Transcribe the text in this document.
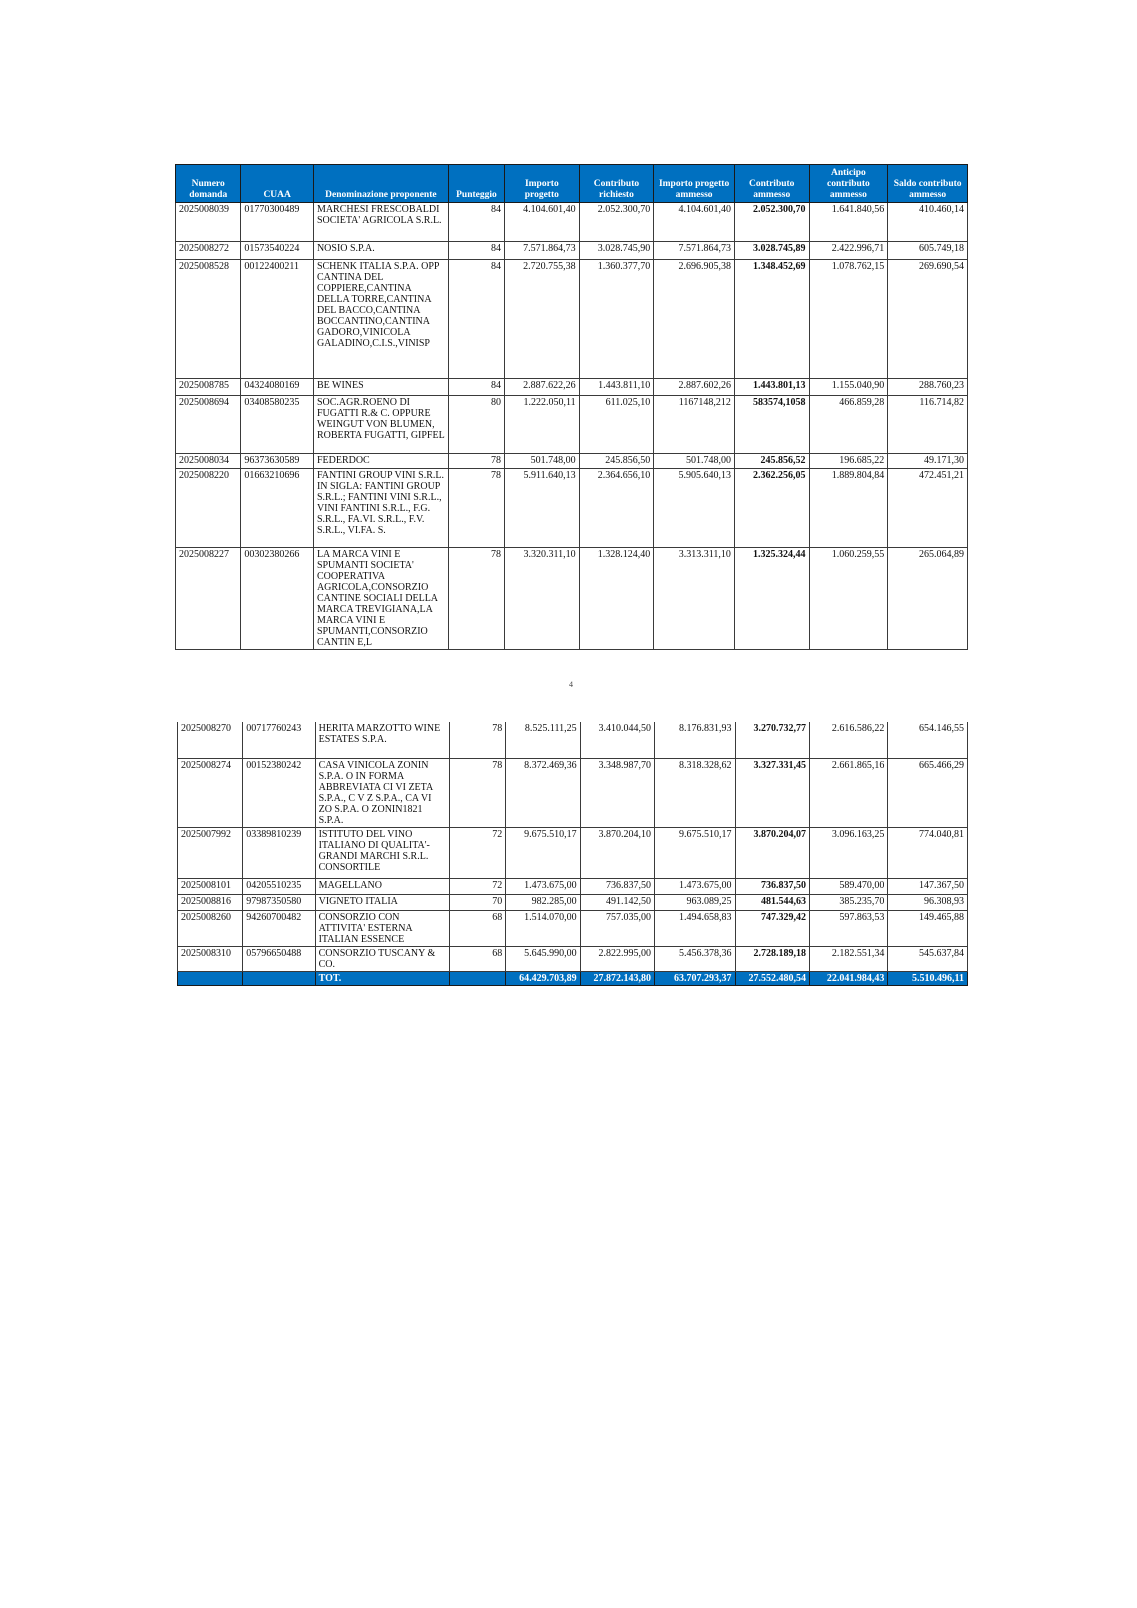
Numero domanda	CUAA	Denominazione proponente	Punteggio	Importo progetto	Contributo richiesto	Importo progetto ammesso	Contributo ammesso	Anticipo contributo ammesso	Saldo contributo ammesso
2025008039	01770300489	MARCHESI FRESCOBALDI SOCIETA' AGRICOLA S.R.L.	84	4.104.601,40	2.052.300,70	4.104.601,40	2.052.300,70	1.641.840,56	410.460,14
2025008272	01573540224	NOSIO S.P.A.	84	7.571.864,73	3.028.745,90	7.571.864,73	3.028.745,89	2.422.996,71	605.749,18
2025008528	00122400211	SCHENK ITALIA S.P.A. OPP CANTINA DEL COPPIERE,CANTINA DELLA TORRE,CANTINA DEL BACCO,CANTINA BOCCANTINO,CANTINA GADORO,VINICOLA GALADINO,C.I.S.,VINISP	84	2.720.755,38	1.360.377,70	2.696.905,38	1.348.452,69	1.078.762,15	269.690,54
2025008785	04324080169	BE WINES	84	2.887.622,26	1.443.811,10	2.887.602,26	1.443.801,13	1.155.040,90	288.760,23
2025008694	03408580235	SOC.AGR.ROENO DI FUGATTI R.& C. OPPURE WEINGUT VON BLUMEN, ROBERTA FUGATTI, GIPFEL	80	1.222.050,11	611.025,10	1167148,212	583574,1058	466.859,28	116.714,82
2025008034	96373630589	FEDERDOC	78	501.748,00	245.856,50	501.748,00	245.856,52	196.685,22	49.171,30
2025008220	01663210696	FANTINI GROUP VINI S.R.L. IN SIGLA: FANTINI GROUP S.R.L.; FANTINI VINI S.R.L., VINI FANTINI S.R.L., F.G. S.R.L., FA.VI. S.R.L., F.V. S.R.L., VI.FA. S.	78	5.911.640,13	2.364.656,10	5.905.640,13	2.362.256,05	1.889.804,84	472.451,21
2025008227	00302380266	LA MARCA VINI E SPUMANTI SOCIETA' COOPERATIVA AGRICOLA,CONSORZIO CANTINE SOCIALI DELLA MARCA TREVIGIANA,LA MARCA VINI E SPUMANTI,CONSORZIO CANTIN E,L	78	3.320.311,10	1.328.124,40	3.313.311,10	1.325.324,44	1.060.259,55	265.064,89
4
2025008270	00717760243	HERITA MARZOTTO WINE ESTATES S.P.A.	78	8.525.111,25	3.410.044,50	8.176.831,93	3.270.732,77	2.616.586,22	654.146,55
2025008274	00152380242	CASA VINICOLA ZONIN S.P.A. O IN FORMA ABBREVIATA CI VI ZETA S.P.A., C V Z S.P.A., CA VI ZO S.P.A. O ZONIN1821 S.P.A.	78	8.372.469,36	3.348.987,70	8.318.328,62	3.327.331,45	2.661.865,16	665.466,29
2025007992	03389810239	ISTITUTO DEL VINO ITALIANO DI QUALITA'- GRANDI MARCHI S.R.L. CONSORTILE	72	9.675.510,17	3.870.204,10	9.675.510,17	3.870.204,07	3.096.163,25	774.040,81
2025008101	04205510235	MAGELLANO	72	1.473.675,00	736.837,50	1.473.675,00	736.837,50	589.470,00	147.367,50
2025008816	97987350580	VIGNETO ITALIA	70	982.285,00	491.142,50	963.089,25	481.544,63	385.235,70	96.308,93
2025008260	94260700482	CONSORZIO CON ATTIVITA' ESTERNA ITALIAN ESSENCE	68	1.514.070,00	757.035,00	1.494.658,83	747.329,42	597.863,53	149.465,88
2025008310	05796650488	CONSORZIO TUSCANY & CO.	68	5.645.990,00	2.822.995,00	5.456.378,36	2.728.189,18	2.182.551,34	545.637,84
		TOT.		64.429.703,89	27.872.143,80	63.707.293,37	27.552.480,54	22.041.984,43	5.510.496,11
